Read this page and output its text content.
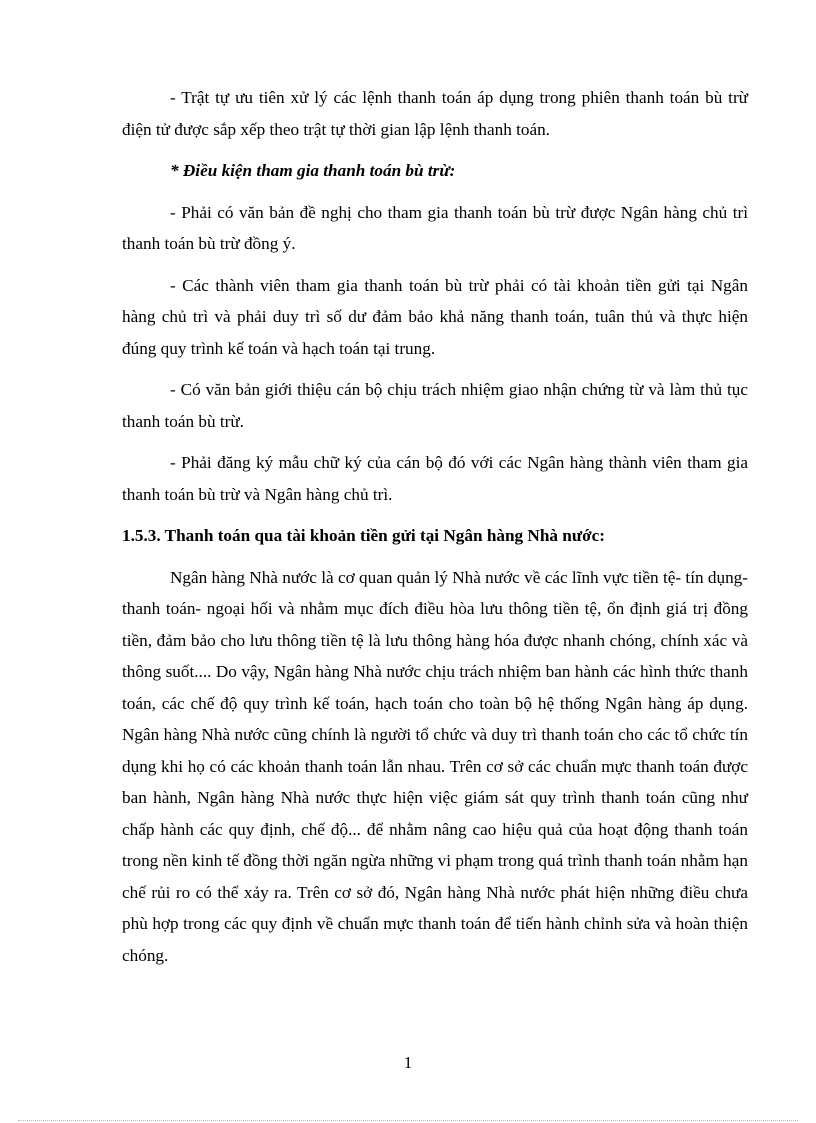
- Trật tự ưu tiên xử lý các lệnh thanh toán áp dụng trong phiên thanh toán bù trừ điện tử được sắp xếp theo trật tự thời gian lập lệnh thanh toán.

* Điều kiện tham gia thanh toán bù trừ:

- Phải có văn bản đề nghị cho tham gia thanh toán bù trừ được Ngân hàng chủ trì thanh toán bù trừ đồng ý.

- Các thành viên tham gia thanh toán bù trừ phải có tài khoản tiền gửi tại Ngân hàng chủ trì và phải duy trì số dư đảm bảo khả năng thanh toán, tuân thủ và thực hiện đúng quy trình kế toán và hạch toán tại trung.

- Có văn bản giới thiệu cán bộ chịu trách nhiệm giao nhận chứng từ và làm thủ tục thanh toán bù trừ.

- Phải đăng ký mẫu chữ ký của cán bộ đó với các Ngân hàng thành viên tham gia thanh toán bù trừ và Ngân hàng chủ trì.

1.5.3. Thanh toán qua tài khoản tiền gửi tại Ngân hàng Nhà nước:

Ngân hàng Nhà nước là cơ quan quản lý Nhà nước về các lĩnh vực tiền tệ- tín dụng- thanh toán- ngoại hối và nhằm mục đích điều hòa lưu thông tiền tệ, ổn định giá trị đồng tiền, đảm bảo cho lưu thông tiền tệ là lưu thông hàng hóa được nhanh chóng, chính xác và thông suốt.... Do vậy, Ngân hàng Nhà nước chịu trách nhiệm ban hành các hình thức thanh toán, các chế độ quy trình kế toán, hạch toán cho toàn bộ hệ thống Ngân hàng áp dụng. Ngân hàng Nhà nước cũng chính là người tổ chức và duy trì thanh toán cho các tổ chức tín dụng khi họ có các khoản thanh toán lẫn nhau. Trên cơ sở các chuẩn mực thanh toán được ban hành, Ngân hàng Nhà nước thực hiện việc giám sát quy trình thanh toán cũng như chấp hành các quy định, chế độ... để nhằm nâng cao hiệu quả của hoạt động thanh toán trong nền kinh tế đồng thời ngăn ngừa những vi phạm trong quá trình thanh toán nhằm hạn chế rủi ro có thể xảy ra. Trên cơ sở đó, Ngân hàng Nhà nước phát hiện những điều chưa phù hợp trong các quy định về chuẩn mực thanh toán để tiến hành chỉnh sửa và hoàn thiện chóng.

1
